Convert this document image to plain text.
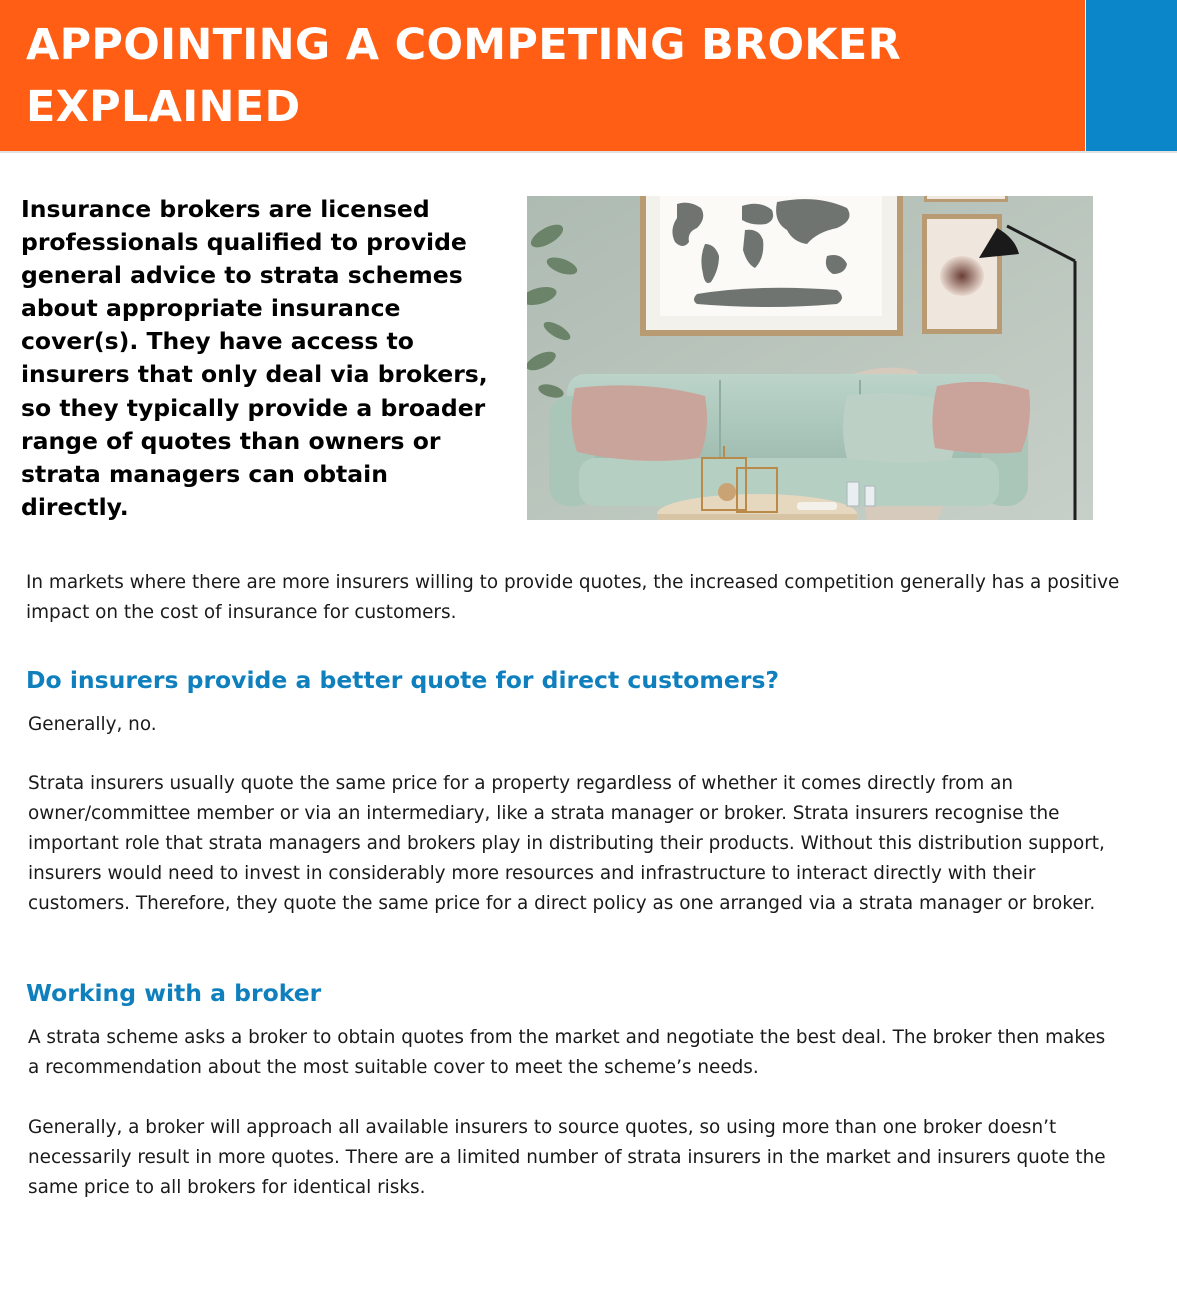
APPOINTING A COMPETING BROKER EXPLAINED

Insurance brokers are licensed professionals qualified to provide general advice to strata schemes about appropriate insurance cover(s). They have access to insurers that only deal via brokers, so they typically provide a broader range of quotes than owners or strata managers can obtain directly.

In markets where there are more insurers willing to provide quotes, the increased competition generally has a positive impact on the cost of insurance for customers.

Do insurers provide a better quote for direct customers?

Generally, no.

Strata insurers usually quote the same price for a property regardless of whether it comes directly from an owner/committee member or via an intermediary, like a strata manager or broker. Strata insurers recognise the important role that strata managers and brokers play in distributing their products. Without this distribution support, insurers would need to invest in considerably more resources and infrastructure to interact directly with their customers. Therefore, they quote the same price for a direct policy as one arranged via a strata manager or broker.

Working with a broker

A strata scheme asks a broker to obtain quotes from the market and negotiate the best deal. The broker then makes a recommendation about the most suitable cover to meet the scheme’s needs.

Generally, a broker will approach all available insurers to source quotes, so using more than one broker doesn’t necessarily result in more quotes. There are a limited number of strata insurers in the market and insurers quote the same price to all brokers for identical risks.
